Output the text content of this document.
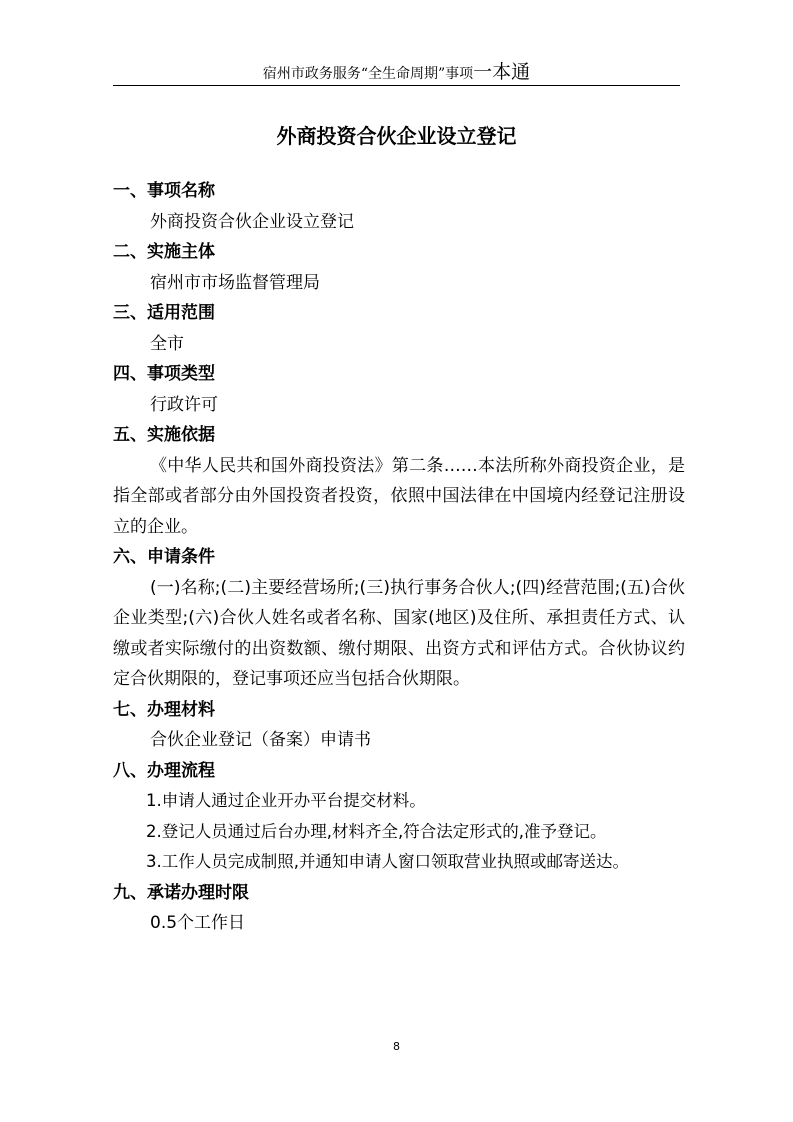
宿州市政务服务“全生命周期”事项一本通
外商投资合伙企业设立登记
一、事项名称
外商投资合伙企业设立登记
二、实施主体
宿州市市场监督管理局
三、适用范围
全市
四、事项类型
行政许可
五、实施依据
《中华人民共和国外商投资法》第二条……本法所称外商投资企业，是指全部或者部分由外国投资者投资，依照中国法律在中国境内经登记注册设立的企业。
六、申请条件
(一)名称;(二)主要经营场所;(三)执行事务合伙人;(四)经营范围;(五)合伙企业类型;(六)合伙人姓名或者名称、国家(地区)及住所、承担责任方式、认缴或者实际缴付的出资数额、缴付期限、出资方式和评估方式。合伙协议约定合伙期限的，登记事项还应当包括合伙期限。
七、办理材料
合伙企业登记（备案）申请书
八、办理流程
1.申请人通过企业开办平台提交材料。
2.登记人员通过后台办理,材料齐全,符合法定形式的,准予登记。
3.工作人员完成制照,并通知申请人窗口领取营业执照或邮寄送达。
九、承诺办理时限
0.5个工作日
8
